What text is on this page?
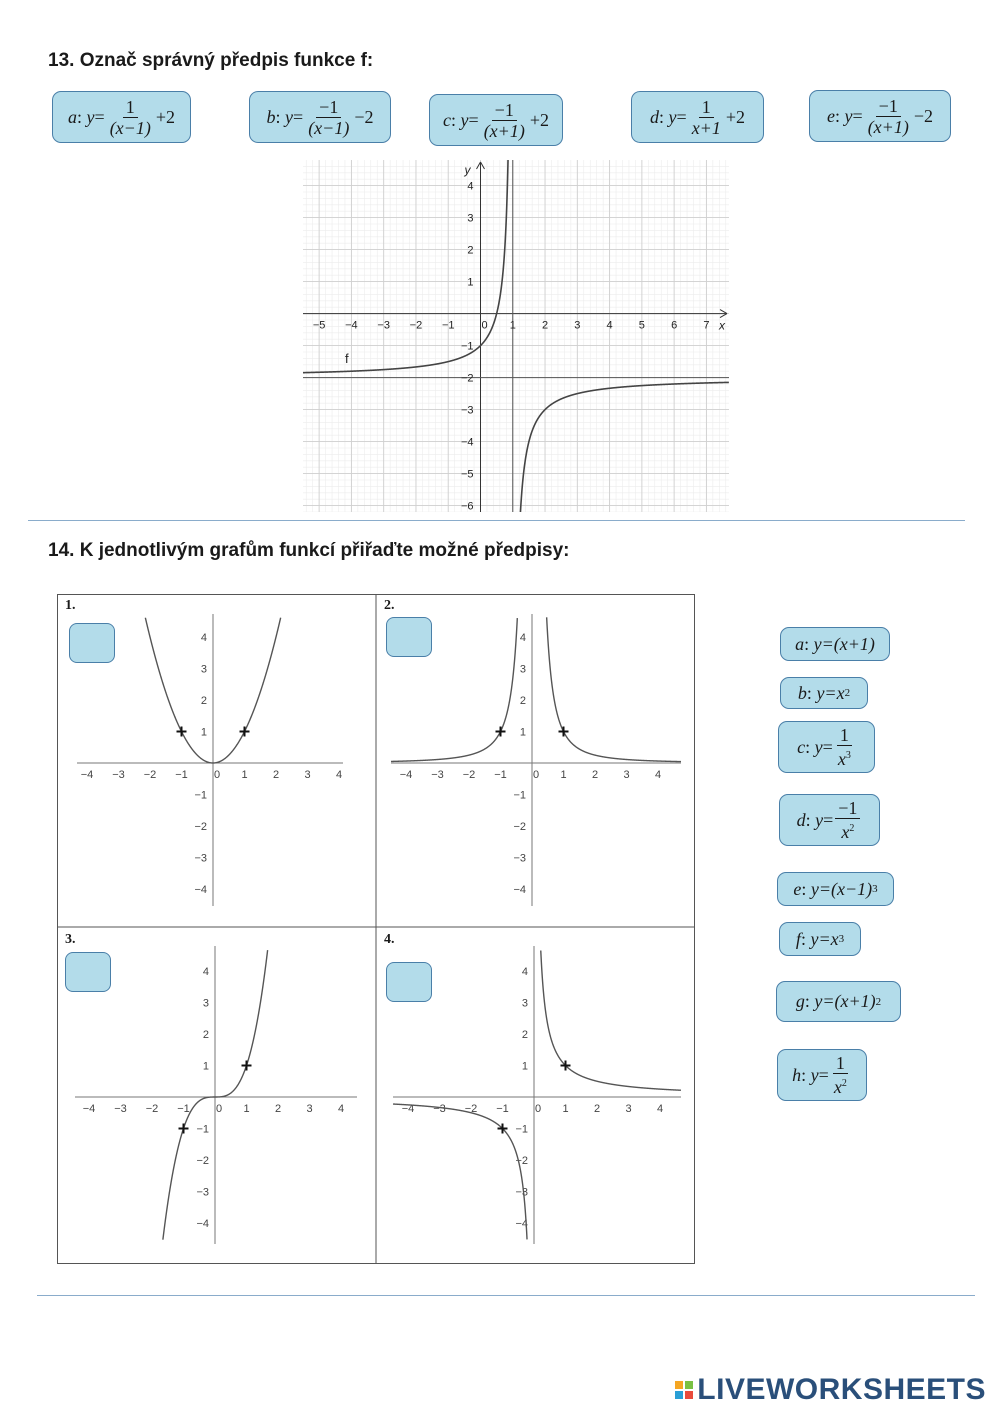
13. Označ správný předpis funkce f:
a : $y = \frac{1}{(x-1)} +2$	b : $y = \frac{-1}{(x-1)} -2$	c : $y = \frac{-1}{(x+1)} +2$	d : $y = \frac{1}{x+1} +2$	e : $y = \frac{-1}{(x+1)} -2$
−5 −4 −3 −2 −1 0 1 2 3 4 5 6 7
4
3
2
1
−1
−2
−3
−4
−5
−6
x
y
f
14. K jednotlivým grafům funkcí přiřaďte možné předpisy:
−4 −3 −2 −1 0 1 2 3 4
4
3
2
1
−1
−2
−3
−4
−4 −3 −2 −1 0 1 2 3 4
4
3
2
1
−1
−2
−3
−4
−4 −3 −2 −1 0 1 2 3 4
4
3
2
1
−1
−2
−3
−4
−4 −3 −2 −1 0 1 2 3 4
4
3
2
1
−1
−2
−3
−4
1.	2.
3.	4.
a : y=(x+1)
b : y=x 2
c : $y = \frac{1}{x^3}$
d : $y = \frac{-1}{x^2}$
e : y=(x−1) 3
f : y=x 3
g : y=(x+1) 2
h : $y = \frac{1}{x^2}$
LIVEWORKSHEETS
